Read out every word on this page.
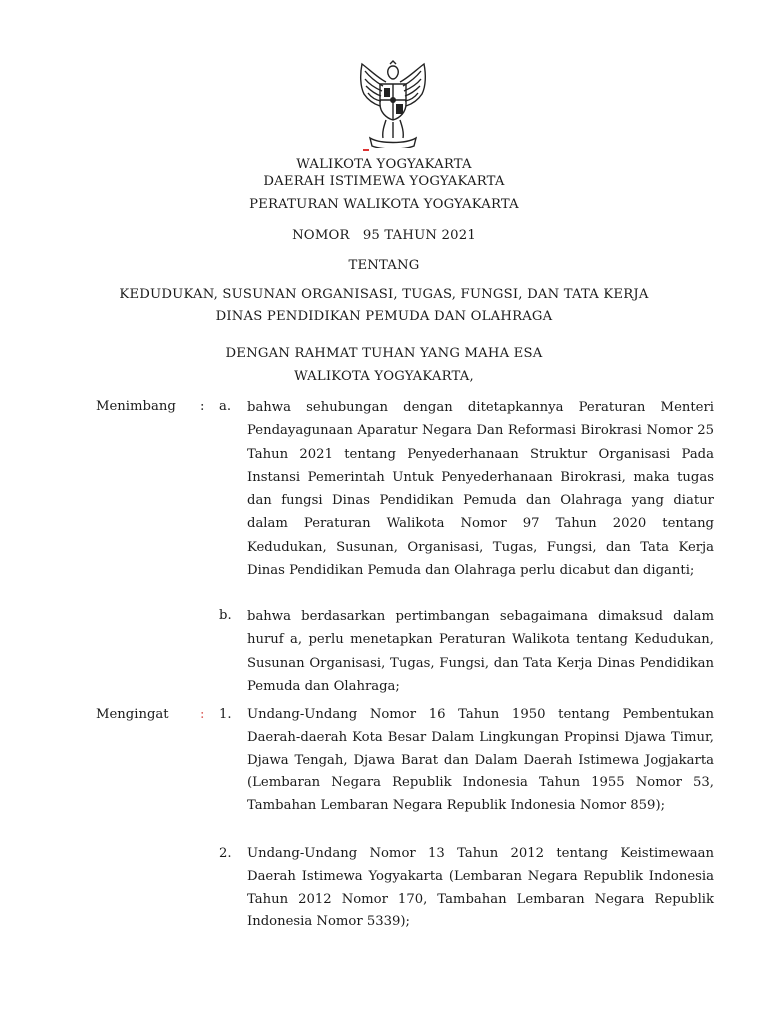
WALIKOTA YOGYAKARTA
DAERAH ISTIMEWA YOGYAKARTA
PERATURAN WALIKOTA YOGYAKARTA
NOMOR   95 TAHUN 2021
TENTANG
KEDUDUKAN, SUSUNAN ORGANISASI, TUGAS, FUNGSI, DAN TATA KERJA
DINAS PENDIDIKAN PEMUDA DAN OLAHRAGA
DENGAN RAHMAT TUHAN YANG MAHA ESA
WALIKOTA YOGYAKARTA,
Menimbang : a.	bahwa sehubungan dengan ditetapkannya Peraturan Menteri Pendayagunaan Aparatur Negara Dan Reformasi Birokrasi Nomor 25 Tahun 2021 tentang Penyederhanaan Struktur Organisasi Pada Instansi Pemerintah Untuk Penyederhanaan Birokrasi, maka tugas dan fungsi Dinas Pendidikan Pemuda dan Olahraga yang diatur dalam Peraturan Walikota Nomor 97 Tahun 2020 tentang Kedudukan, Susunan, Organisasi, Tugas, Fungsi, dan Tata Kerja Dinas Pendidikan Pemuda dan Olahraga perlu dicabut dan diganti;
b.	bahwa berdasarkan pertimbangan sebagaimana dimaksud dalam huruf a, perlu menetapkan Peraturan Walikota tentang Kedudukan, Susunan Organisasi, Tugas, Fungsi, dan Tata Kerja Dinas Pendidikan Pemuda dan Olahraga;
Mengingat : 1.	Undang-Undang Nomor 16 Tahun 1950 tentang Pembentukan Daerah-daerah Kota Besar Dalam Lingkungan Propinsi Djawa Timur, Djawa Tengah, Djawa Barat dan Dalam Daerah Istimewa Jogjakarta (Lembaran Negara Republik Indonesia Tahun 1955 Nomor 53, Tambahan Lembaran Negara Republik Indonesia Nomor 859);
2.	Undang-Undang Nomor 13 Tahun 2012 tentang Keistimewaan Daerah Istimewa Yogyakarta (Lembaran Negara Republik Indonesia Tahun 2012 Nomor 170, Tambahan Lembaran Negara Republik Indonesia Nomor 5339);
